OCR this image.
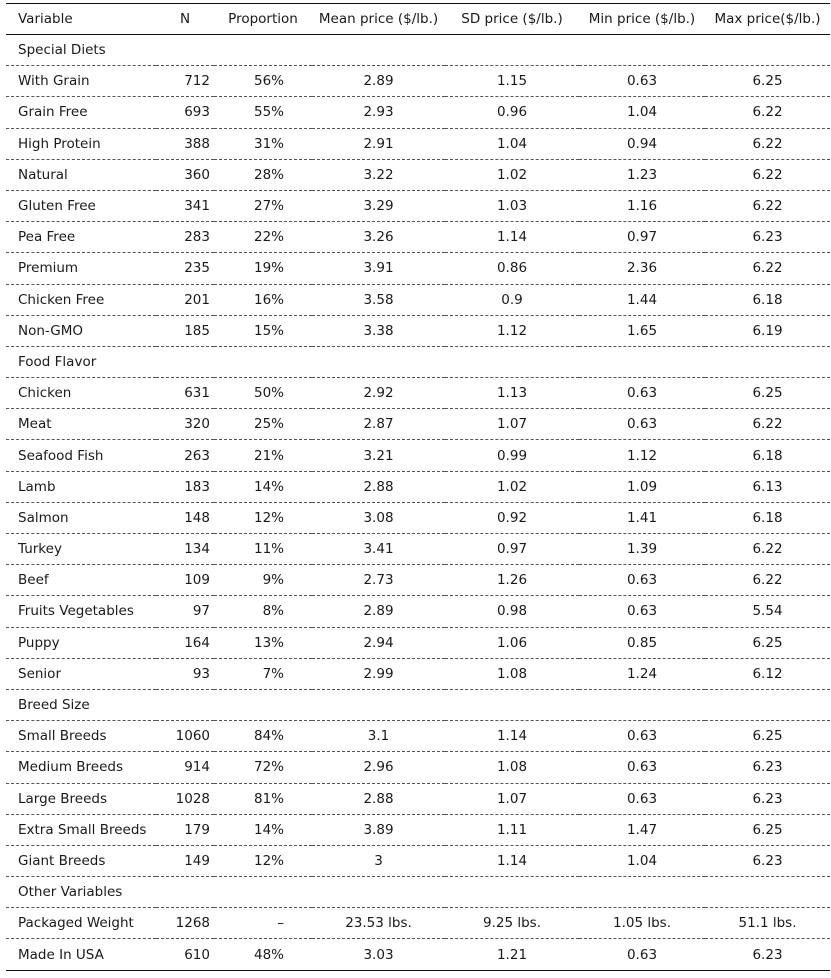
Variable	N	Proportion	Mean price ($/lb.)	SD price ($/lb.)	Min price ($/lb.)	Max price($/lb.)
Special Diets						
With Grain	712	56%	2.89	1.15	0.63	6.25
Grain Free	693	55%	2.93	0.96	1.04	6.22
High Protein	388	31%	2.91	1.04	0.94	6.22
Natural	360	28%	3.22	1.02	1.23	6.22
Gluten Free	341	27%	3.29	1.03	1.16	6.22
Pea Free	283	22%	3.26	1.14	0.97	6.23
Premium	235	19%	3.91	0.86	2.36	6.22
Chicken Free	201	16%	3.58	0.9	1.44	6.18
Non-GMO	185	15%	3.38	1.12	1.65	6.19
Food Flavor						
Chicken	631	50%	2.92	1.13	0.63	6.25
Meat	320	25%	2.87	1.07	0.63	6.22
Seafood Fish	263	21%	3.21	0.99	1.12	6.18
Lamb	183	14%	2.88	1.02	1.09	6.13
Salmon	148	12%	3.08	0.92	1.41	6.18
Turkey	134	11%	3.41	0.97	1.39	6.22
Beef	109	9%	2.73	1.26	0.63	6.22
Fruits Vegetables	97	8%	2.89	0.98	0.63	5.54
Puppy	164	13%	2.94	1.06	0.85	6.25
Senior	93	7%	2.99	1.08	1.24	6.12
Breed Size						
Small Breeds	1060	84%	3.1	1.14	0.63	6.25
Medium Breeds	914	72%	2.96	1.08	0.63	6.23
Large Breeds	1028	81%	2.88	1.07	0.63	6.23
Extra Small Breeds	179	14%	3.89	1.11	1.47	6.25
Giant Breeds	149	12%	3	1.14	1.04	6.23
Other Variables						
Packaged Weight	1268	–	23.53 lbs.	9.25 lbs.	1.05 lbs.	51.1 lbs.
Made In USA	610	48%	3.03	1.21	0.63	6.23
